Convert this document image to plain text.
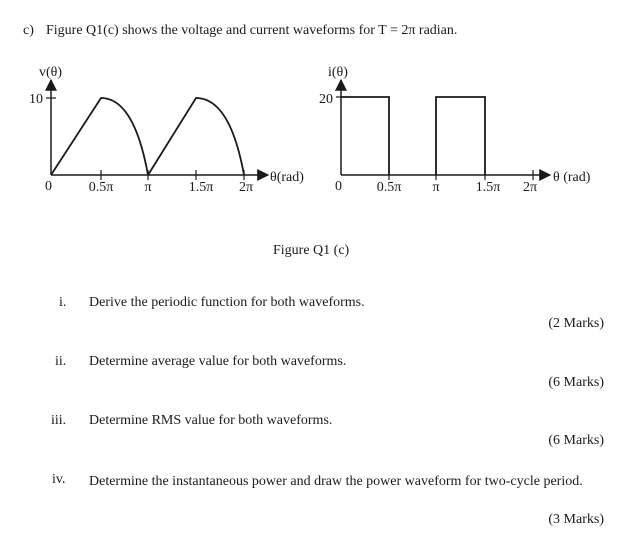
c) Figure Q1(c) shows the voltage and current waveforms for T = 2π radian.
v(θ)
10
0	0.5π π	1.5π 2π
θ(rad)
i(θ)
20
0 0.5π π	1.5π 2π
θ (rad)
Figure Q1 (c)
i. Derive the periodic function for both waveforms.
(2 Marks)
ii. Determine average value for both waveforms.
(6 Marks)
iii. Determine RMS value for both waveforms.
(6 Marks)
iv. Determine the instantaneous power and draw the power waveform for two-cycle period.
(3 Marks)
